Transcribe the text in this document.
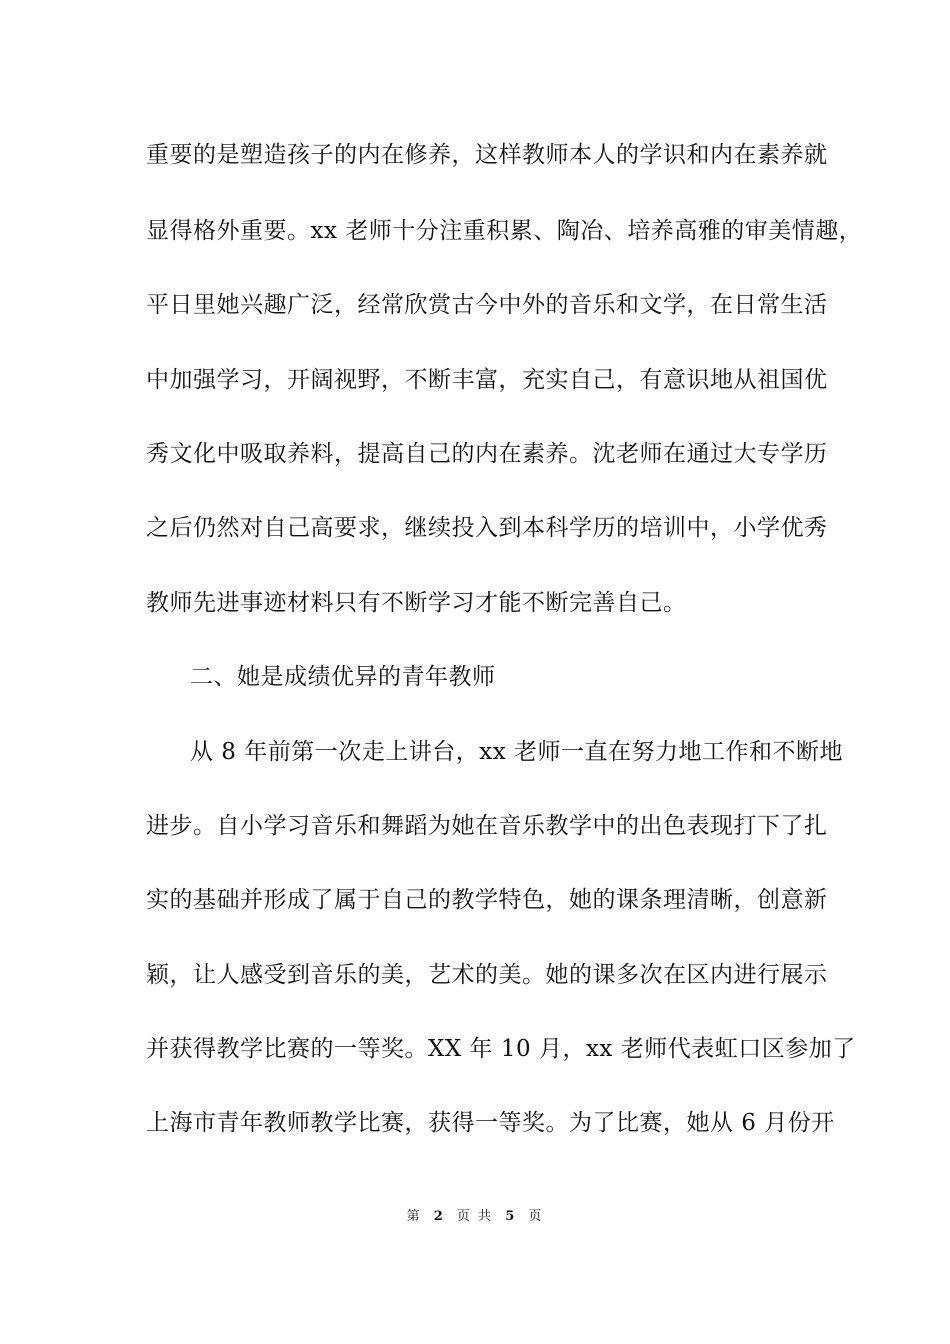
重要的是塑造孩子的内在修养，这样教师本人的学识和内在素养就
显得格外重要。xx 老师十分注重积累、陶冶、培养高雅的审美情趣，
平日里她兴趣广泛，经常欣赏古今中外的音乐和文学，在日常生活
中加强学习，开阔视野，不断丰富，充实自己，有意识地从祖国优
秀文化中吸取养料，提高自己的内在素养。沈老师在通过大专学历
之后仍然对自己高要求，继续投入到本科学历的培训中，小学优秀
教师先进事迹材料只有不断学习才能不断完善自己。
二、她是成绩优异的青年教师
从 8 年前第一次走上讲台，xx 老师一直在努力地工作和不断地
进步。自小学习音乐和舞蹈为她在音乐教学中的出色表现打下了扎
实的基础并形成了属于自己的教学特色，她的课条理清晰，创意新
颖，让人感受到音乐的美，艺术的美。她的课多次在区内进行展示
并获得教学比赛的一等奖。XX 年 10 月，xx 老师代表虹口区参加了
上海市青年教师教学比赛，获得一等奖。为了比赛，她从 6 月份开
第 2 页 共 5 页
